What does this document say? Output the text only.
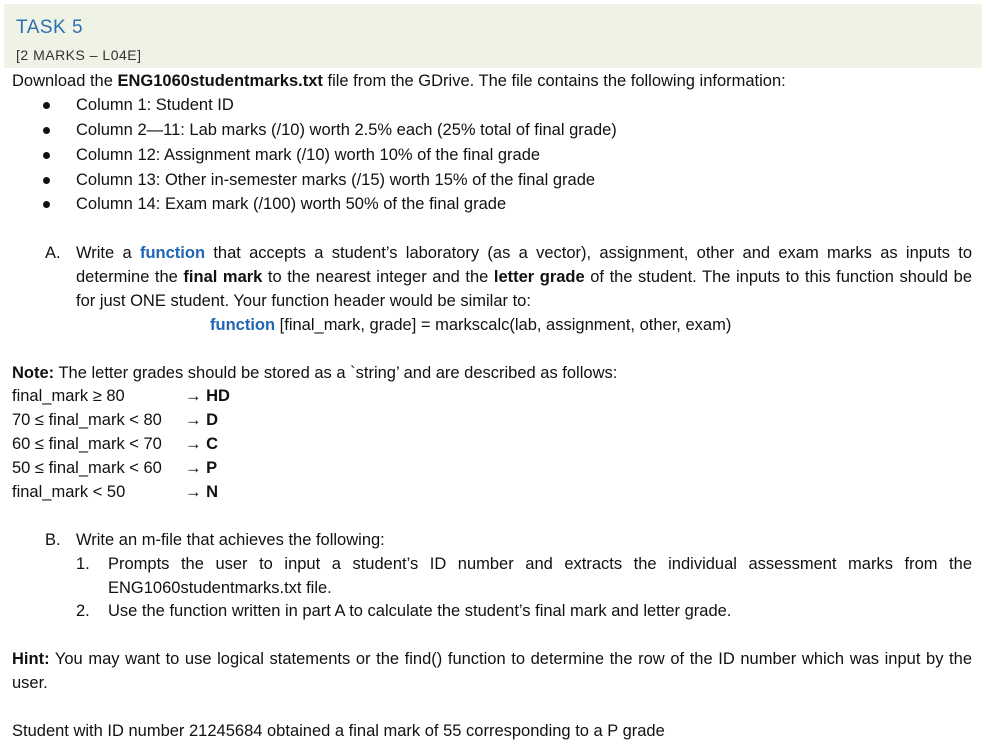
TASK 5
[2 MARKS – L04E]
Download the ENG1060studentmarks.txt file from the GDrive. The file contains the following information:
Column 1: Student ID
Column 2—11: Lab marks (/10) worth 2.5% each (25% total of final grade)
Column 12: Assignment mark (/10) worth 10% of the final grade
Column 13: Other in-semester marks (/15) worth 15% of the final grade
Column 14: Exam mark (/100) worth 50% of the final grade
A. Write a function that accepts a student’s laboratory (as a vector), assignment, other and exam marks as inputs to determine the final mark to the nearest integer and the letter grade of the student. The inputs to this function should be for just ONE student. Your function header would be similar to:
function [final_mark, grade] = markscalc(lab, assignment, other, exam)
Note: The letter grades should be stored as a `string’ and are described as follows:
final_mark ≥ 80	→ HD
70 ≤ final_mark < 80 → D
60 ≤ final_mark < 70 → C
50 ≤ final_mark < 60 → P
final_mark < 50	→ N
B. Write an m-file that achieves the following:
1. Prompts the user to input a student’s ID number and extracts the individual assessment marks from the ENG1060studentmarks.txt file.
2. Use the function written in part A to calculate the student’s final mark and letter grade.
Hint: You may want to use logical statements or the find() function to determine the row of the ID number which was input by the user.
Student with ID number 21245684 obtained a final mark of 55 corresponding to a P grade
